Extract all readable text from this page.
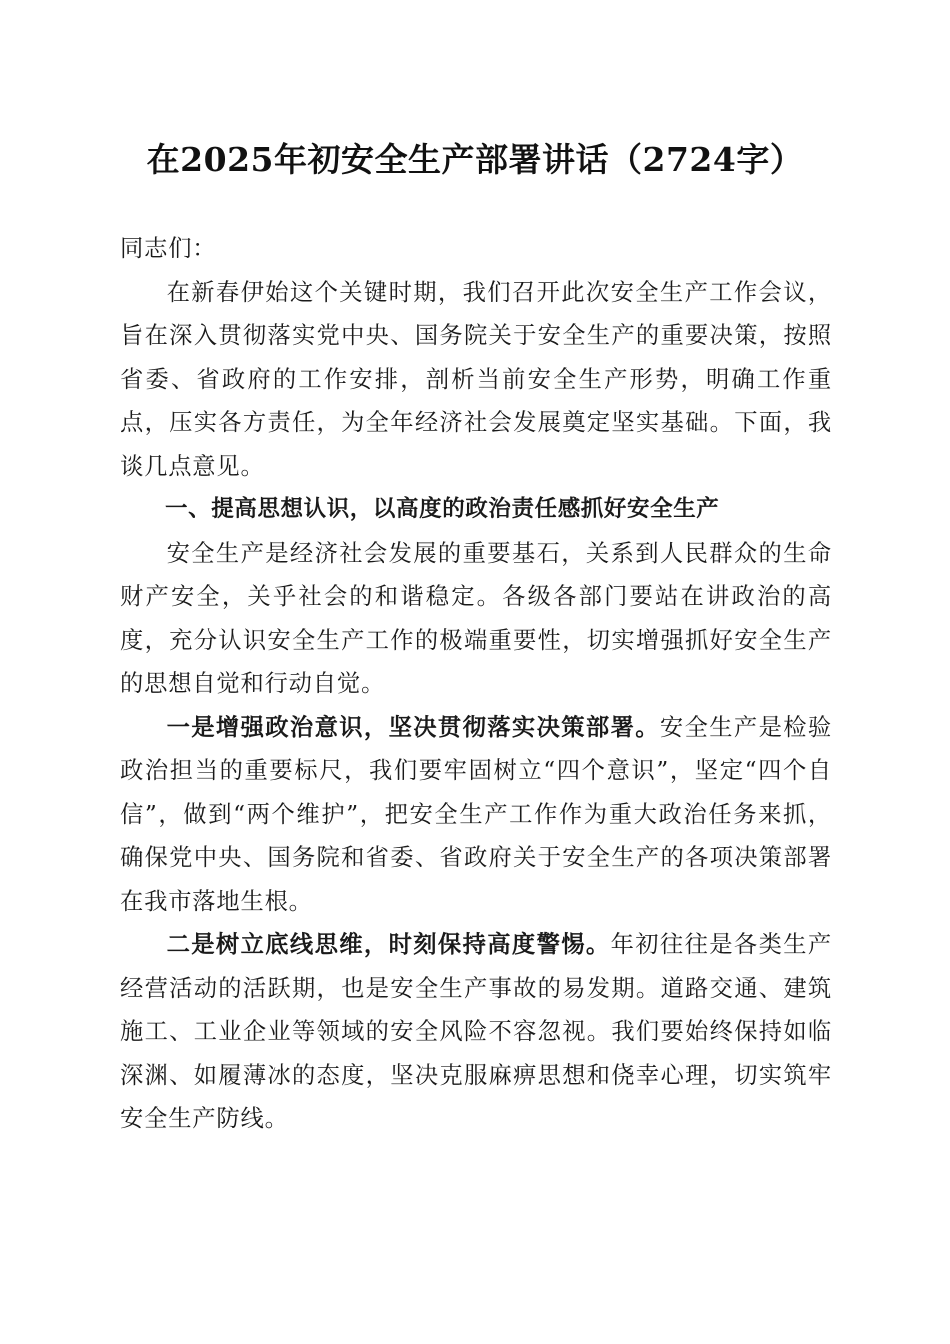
在2025年初安全生产部署讲话（2724字）

同志们：

在新春伊始这个关键时期，我们召开此次安全生产工作会议，旨在深入贯彻落实党中央、国务院关于安全生产的重要决策，按照省委、省政府的工作安排，剖析当前安全生产形势，明确工作重点，压实各方责任，为全年经济社会发展奠定坚实基础。下面，我谈几点意见。

一、提高思想认识，以高度的政治责任感抓好安全生产

安全生产是经济社会发展的重要基石，关系到人民群众的生命财产安全，关乎社会的和谐稳定。各级各部门要站在讲政治的高度，充分认识安全生产工作的极端重要性，切实增强抓好安全生产的思想自觉和行动自觉。

一是增强政治意识，坚决贯彻落实决策部署。安全生产是检验政治担当的重要标尺，我们要牢固树立“四个意识”，坚定“四个自信”，做到“两个维护”，把安全生产工作作为重大政治任务来抓，确保党中央、国务院和省委、省政府关于安全生产的各项决策部署在我市落地生根。

二是树立底线思维，时刻保持高度警惕。年初往往是各类生产经营活动的活跃期，也是安全生产事故的易发期。道路交通、建筑施工、工业企业等领域的安全风险不容忽视。我们要始终保持如临深渊、如履薄冰的态度，坚决克服麻痹思想和侥幸心理，切实筑牢安全生产防线。
